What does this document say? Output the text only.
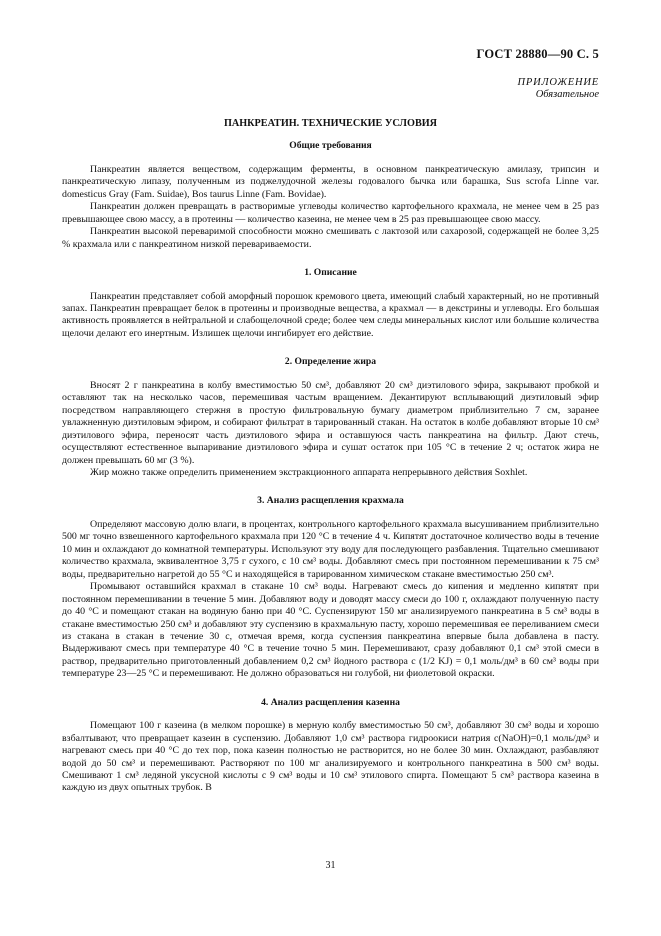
ГОСТ 28880—90 С. 5
ПРИЛОЖЕНИЕ
Обязательное
ПАНКРЕАТИН. ТЕХНИЧЕСКИЕ УСЛОВИЯ
Общие требования

Панкреатин является веществом, содержащим ферменты, в основном панкреатическую амилазу, трипсин и панкреатическую липазу, полученным из поджелудочной железы годовалого бычка или барашка, Sus scrofa Linne var. domesticus Gray (Fam. Suidae), Bos taurus Linne (Fam. Bovidae).

Панкреатин должен превращать в растворимые углеводы количество картофельного крахмала, не менее чем в 25 раз превышающее свою массу, а в протеины — количество казеина, не менее чем в 25 раз превышающее свою массу.

Панкреатин высокой переваримой способности можно смешивать с лактозой или сахарозой, содержащей не более 3,25 % крахмала или с панкреатином низкой перевариваемости.

1. Описание

Панкреатин представляет собой аморфный порошок кремового цвета, имеющий слабый характерный, но не противный запах. Панкреатин превращает белок в протеины и производные вещества, а крахмал — в декстрины и углеводы. Его большая активность проявляется в нейтральной и слабощелочной среде; более чем следы минеральных кислот или большие количества щелочи делают его инертным. Излишек щелочи ингибирует его действие.

2. Определение жира

Вносят 2 г панкреатина в колбу вместимостью 50 см³, добавляют 20 см³ диэтилового эфира, закрывают пробкой и оставляют так на несколько часов, перемешивая частым вращением. Декантируют всплывающий диэтиловый эфир посредством направляющего стержня в простую фильтровальную бумагу диаметром приблизительно 7 см, заранее увлажненную диэтиловым эфиром, и собирают фильтрат в тарированный стакан. На остаток в колбе добавляют вторые 10 см³ диэтилового эфира, переносят часть диэтилового эфира и оставшуюся часть панкреатина на фильтр. Дают стечь, осуществляют естественное выпаривание диэтилового эфира и сушат остаток при 105 °С в течение 2 ч; остаток жира не должен превышать 60 мг (3 %).

Жир можно также определить применением экстракционного аппарата непрерывного действия Soxhlet.

3. Анализ расщепления крахмала

Определяют массовую долю влаги, в процентах, контрольного картофельного крахмала высушиванием приблизительно 500 мг точно взвешенного картофельного крахмала при 120 °С в течение 4 ч. Кипятят достаточное количество воды в течение 10 мин и охлаждают до комнатной температуры. Используют эту воду для последующего разбавления. Тщательно смешивают количество крахмала, эквивалентное 3,75 г сухого, с 10 см³ воды. Добавляют смесь при постоянном перемешивании к 75 см³ воды, предварительно нагретой до 55 °С и находящейся в тарированном химическом стакане вместимостью 250 см³.

Промывают оставшийся крахмал в стакане 10 см³ воды. Нагревают смесь до кипения и медленно кипятят при постоянном перемешивании в течение 5 мин. Добавляют воду и доводят массу смеси до 100 г, охлаждают полученную пасту до 40 °С и помещают стакан на водяную баню при 40 °С. Суспензируют 150 мг анализируемого панкреатина в 5 см³ воды в стакане вместимостью 250 см³ и добавляют эту суспензию в крахмальную пасту, хорошо перемешивая ее переливанием смеси из стакана в стакан в течение 30 с, отмечая время, когда суспензия панкреатина впервые была добавлена в пасту. Выдерживают смесь при температуре 40 °С в течение точно 5 мин. Перемешивают, сразу добавляют 0,1 см³ этой смеси в раствор, предварительно приготовленный добавлением 0,2 см³ йодного раствора c (1/2 KJ) = 0,1 моль/дм³ в 60 см³ воды при температуре 23—25 °С и перемешивают. Не должно образоваться ни голубой, ни фиолетовой окраски.

4. Анализ расщепления казеина

Помещают 100 г казеина (в мелком порошке) в мерную колбу вместимостью 50 см³, добавляют 30 см³ воды и хорошо взбалтывают, что превращает казеин в суспензию. Добавляют 1,0 см³ раствора гидроокиси натрия c(NaOH)=0,1 моль/дм³ и нагревают смесь при 40 °С до тех пор, пока казеин полностью не растворится, но не более 30 мин. Охлаждают, разбавляют водой до 50 см³ и перемешивают. Растворяют по 100 мг анализируемого и контрольного панкреатина в 500 см³ воды. Смешивают 1 см³ ледяной уксусной кислоты с 9 см³ воды и 10 см³ этилового спирта. Помещают 5 см³ раствора казеина в каждую из двух опытных трубок. В

31
